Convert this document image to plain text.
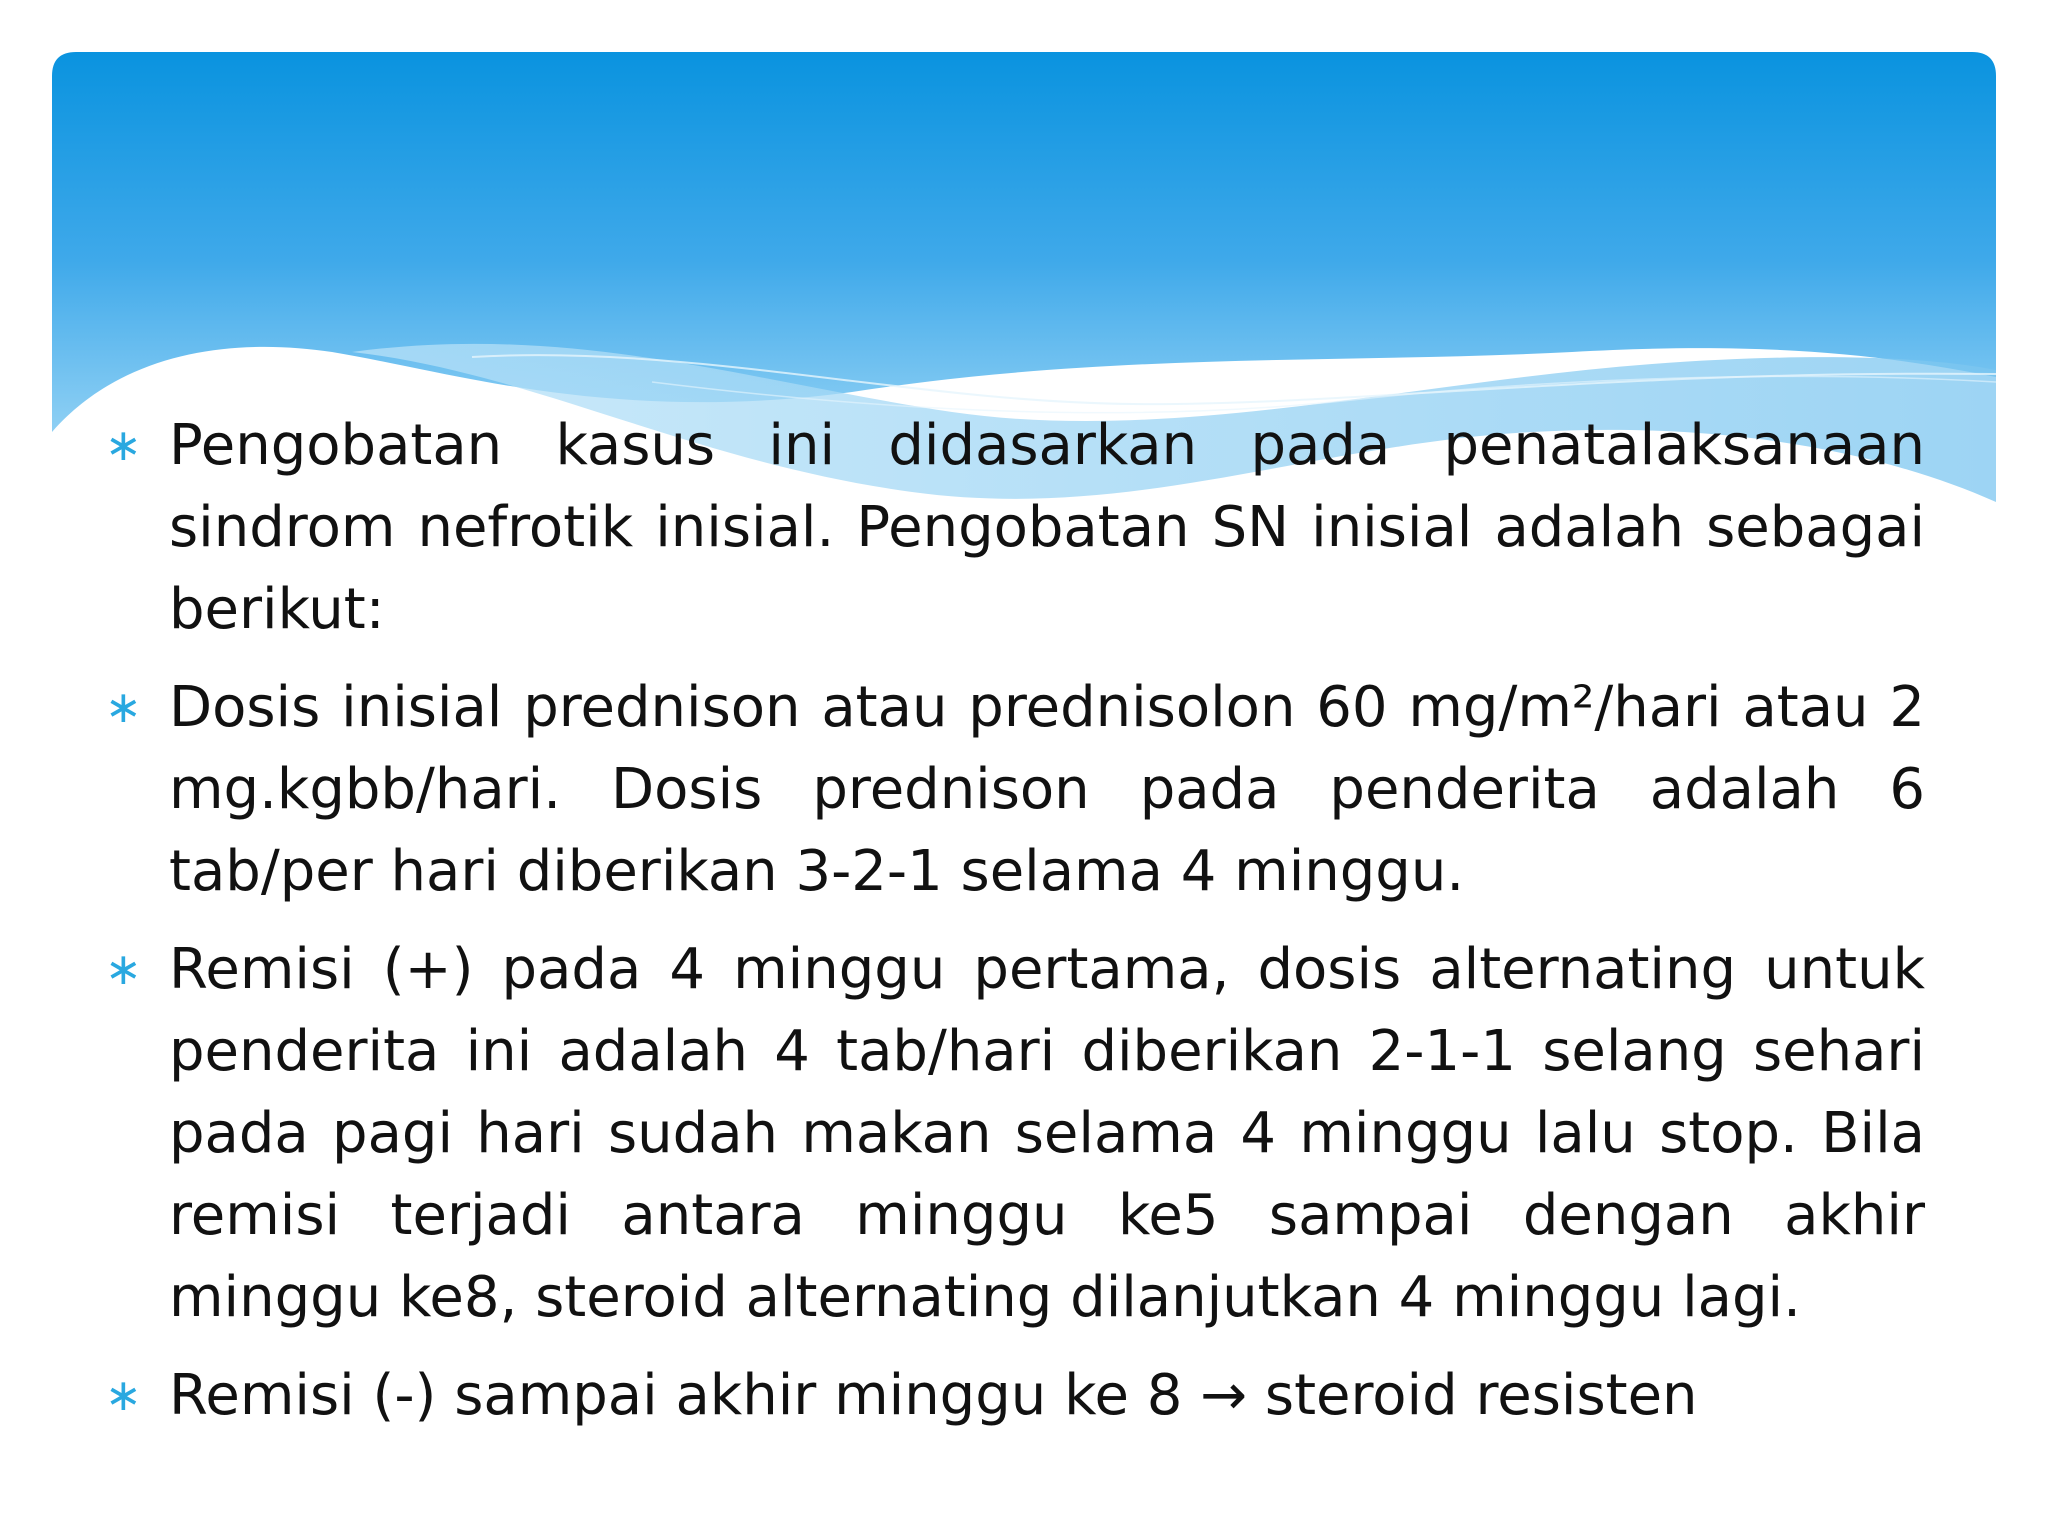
∗ Pengobatan kasus ini didasarkan pada penatalaksanaan sindrom nefrotik inisial. Pengobatan SN inisial adalah sebagai berikut:
∗ Dosis inisial prednison atau prednisolon 60 mg/m²/hari atau 2 mg.kgbb/hari. Dosis prednison pada penderita adalah 6 tab/per hari diberikan 3-2-1 selama 4 minggu.
∗ Remisi (+) pada 4 minggu pertama, dosis alternating untuk penderita ini adalah 4 tab/hari diberikan 2-1-1 selang sehari pada pagi hari sudah makan selama 4 minggu lalu stop. Bila remisi terjadi antara minggu ke5 sampai dengan akhir minggu ke8, steroid alternating dilanjutkan 4 minggu lagi.
∗ Remisi (-) sampai akhir minggu ke 8 → steroid resisten
